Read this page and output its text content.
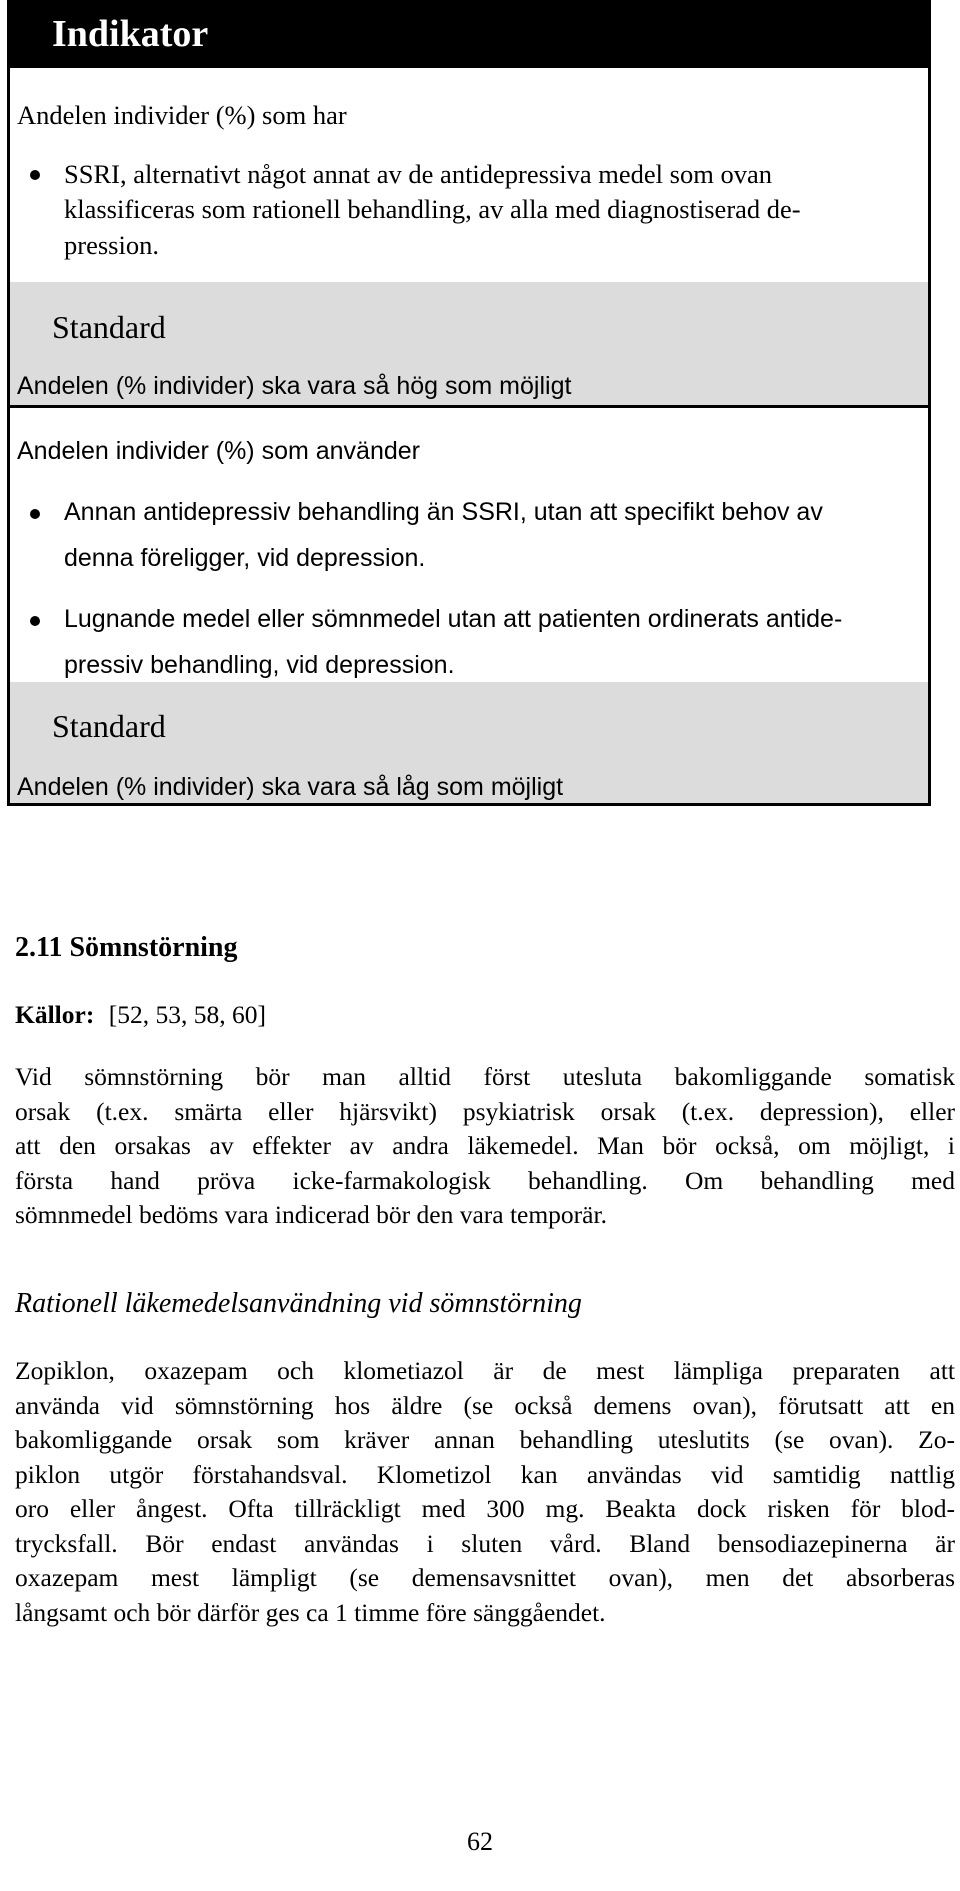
Indikator
Andelen individer (%) som har
SSRI, alternativt något annat av de antidepressiva medel som ovan
klassificeras som rationell behandling, av alla med diagnostiserad de-
pression.
Standard
Andelen (% individer) ska vara så hög som möjligt
Andelen individer (%) som använder
Annan antidepressiv behandling än SSRI, utan att specifikt behov av
denna föreligger, vid depression.
Lugnande medel eller sömnmedel utan att patienten ordinerats antide-
pressiv behandling, vid depression.
Standard
Andelen (% individer) ska vara så låg som möjligt
2.11 Sömnstörning
Källor: [52, 53, 58, 60]
Vid sömnstörning bör man alltid först utesluta bakomliggande somatisk
orsak (t.ex. smärta eller hjärsvikt) psykiatrisk orsak (t.ex. depression), eller
att den orsakas av effekter av andra läkemedel. Man bör också, om möjligt, i
första hand pröva icke-farmakologisk behandling. Om behandling med
sömnmedel bedöms vara indicerad bör den vara temporär.
Rationell läkemedelsanvändning vid sömnstörning
Zopiklon, oxazepam och klometiazol är de mest lämpliga preparaten att
använda vid sömnstörning hos äldre (se också demens ovan), förutsatt att en
bakomliggande orsak som kräver annan behandling uteslutits (se ovan). Zo-
piklon utgör förstahandsval. Klometizol kan användas vid samtidig nattlig
oro eller ångest. Ofta tillräckligt med 300 mg. Beakta dock risken för blod-
trycksfall. Bör endast användas i sluten vård. Bland bensodiazepinerna är
oxazepam mest lämpligt (se demensavsnittet ovan), men det absorberas
långsamt och bör därför ges ca 1 timme före sänggåendet.
62
